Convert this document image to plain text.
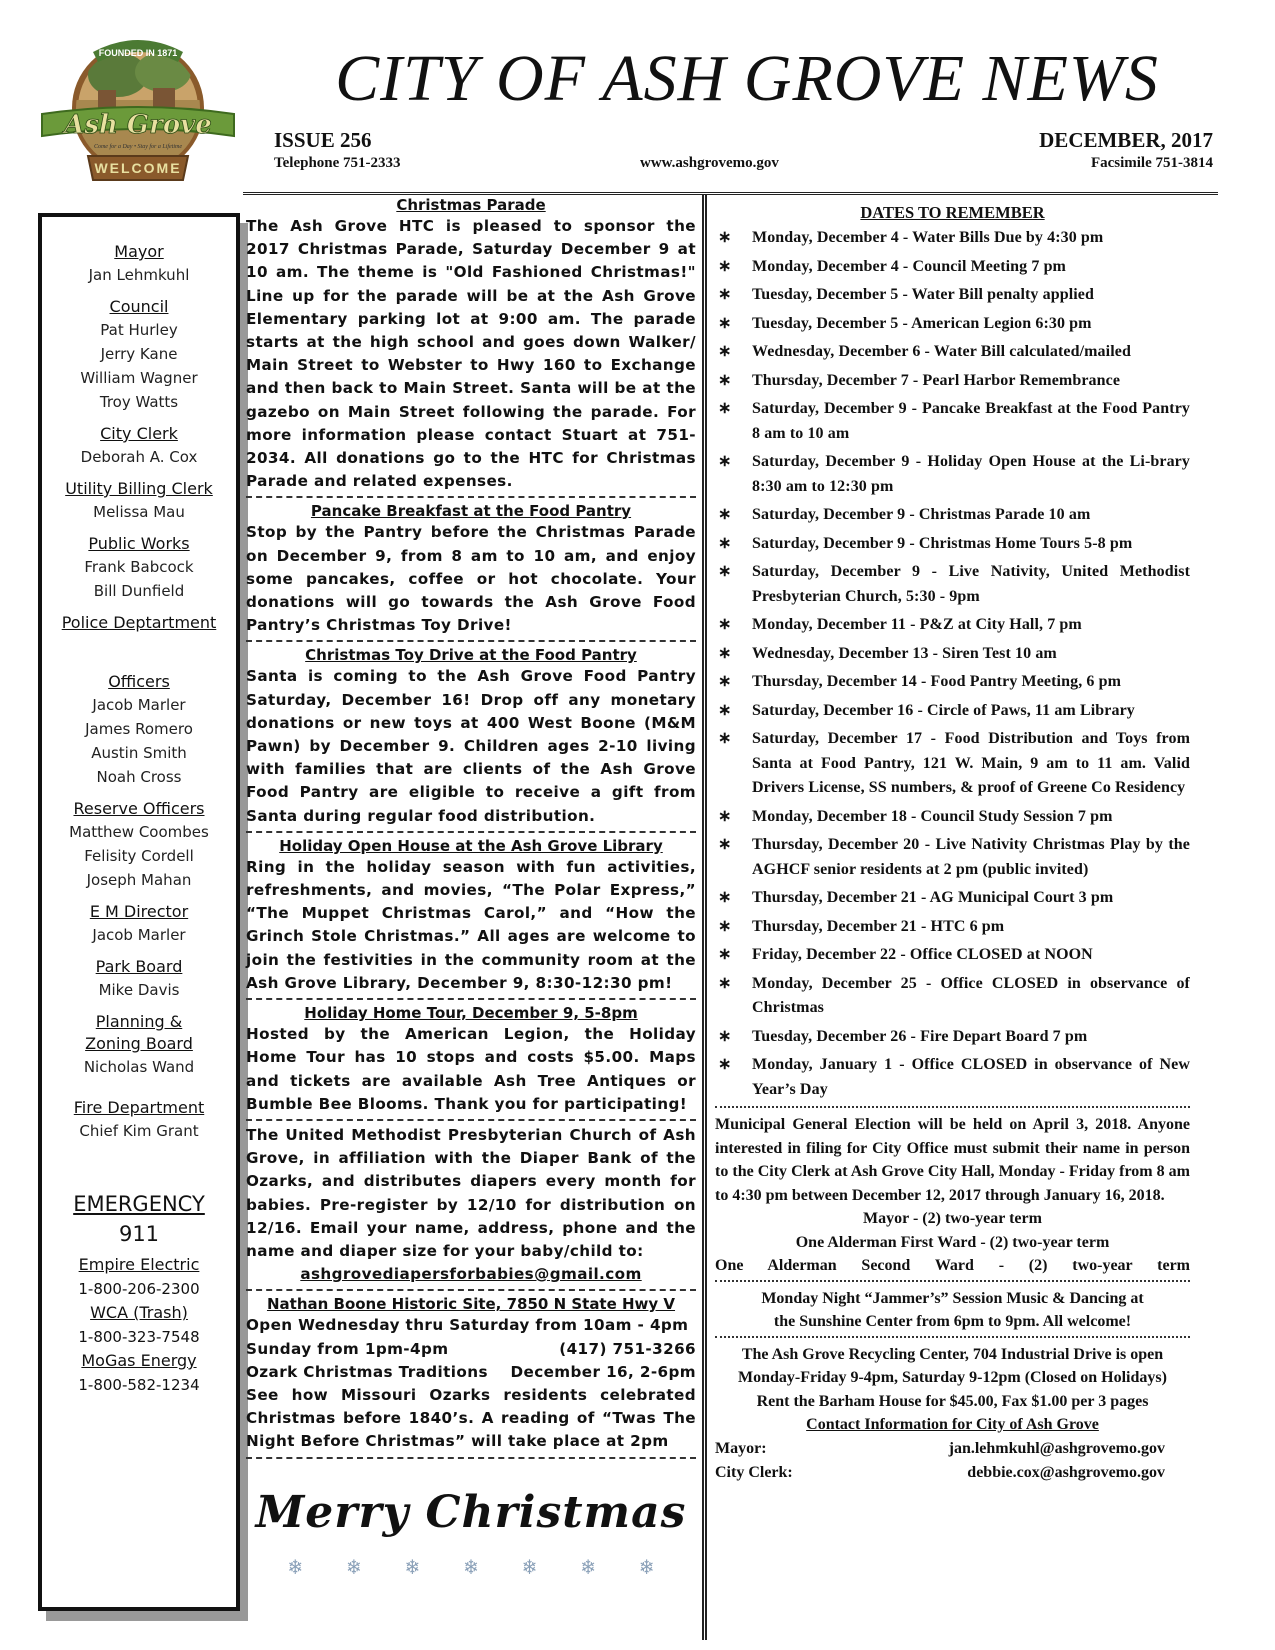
FOUNDED IN 1871
Ash Grove
Come for a Day • Stay for a Lifetime
WELCOME
CITY OF ASH GROVE NEWS
ISSUE 256	DECEMBER, 2017
Telephone 751-2333	www.ashgrovemo.gov	Facsimile 751-3814
Mayor
Jan Lehmkuhl
Council
Pat Hurley
Jerry Kane
William Wagner
Troy Watts
City Clerk
Deborah A. Cox
Utility Billing Clerk
Melissa Mau
Public Works
Frank Babcock
Bill Dunfield
Police Deptartment
Officers
Jacob Marler
James Romero
Austin Smith
Noah Cross
Reserve Officers
Matthew Coombes
Felisity Cordell
Joseph Mahan
E M Director
Jacob Marler
Park Board
Mike Davis
Planning & Zoning Board
Nicholas Wand
Fire Department
Chief Kim Grant
EMERGENCY
911
Empire Electric
1-800-206-2300
WCA (Trash)
1-800-323-7548
MoGas Energy
1-800-582-1234
Christmas Parade
The Ash Grove HTC is pleased to sponsor the 2017 Christmas Parade, Saturday December 9 at 10 am. The theme is "Old Fashioned Christmas!" Line up for the parade will be at the Ash Grove Elementary parking lot at 9:00 am. The parade starts at the high school and goes down Walker/ Main Street to Webster to Hwy 160 to Exchange and then back to Main Street. Santa will be at the gazebo on Main Street following the parade. For more information please contact Stuart at 751-2034. All donations go to the HTC for Christmas Parade and related expenses.
Pancake Breakfast at the Food Pantry
Stop by the Pantry before the Christmas Parade on December 9, from 8 am to 10 am, and enjoy some pancakes, coffee or hot chocolate. Your donations will go towards the Ash Grove Food Pantry’s Christmas Toy Drive!
Christmas Toy Drive at the Food Pantry
Santa is coming to the Ash Grove Food Pantry Saturday, December 16! Drop off any monetary donations or new toys at 400 West Boone (M&M Pawn) by December 9. Children ages 2-10 living with families that are clients of the Ash Grove Food Pantry are eligible to receive a gift from Santa during regular food distribution.
Holiday Open House at the Ash Grove Library
Ring in the holiday season with fun activities, refreshments, and movies, “The Polar Express,” “The Muppet Christmas Carol,” and “How the Grinch Stole Christmas.” All ages are welcome to join the festivities in the community room at the Ash Grove Library, December 9, 8:30-12:30 pm!
Holiday Home Tour, December 9, 5-8pm
Hosted by the American Legion, the Holiday Home Tour has 10 stops and costs $5.00. Maps and tickets are available Ash Tree Antiques or Bumble Bee Blooms. Thank you for participating!
The United Methodist Presbyterian Church of Ash Grove, in affiliation with the Diaper Bank of the Ozarks, and distributes diapers every month for babies. Pre-register by 12/10 for distribution on 12/16. Email your name, address, phone and the name and diaper size for your baby/child to:
ashgrovediapersforbabies@gmail.com
Nathan Boone Historic Site, 7850 N State Hwy V
Open Wednesday thru Saturday from 10am - 4pm
Sunday from 1pm-4pm	(417) 751-3266
Ozark Christmas Traditions December 16, 2-6pm
See how Missouri Ozarks residents celebrated Christmas before 1840’s. A reading of “Twas The Night Before Christmas” will take place at 2pm
Merry Christmas
❄ ❄ ❄ ❄ ❄ ❄ ❄
DATES TO REMEMBER
∗	Monday, December 4 - Water Bills Due by 4:30 pm
∗	Monday, December 4 - Council Meeting 7 pm
∗	Tuesday, December 5 - Water Bill penalty applied
∗	Tuesday, December 5 - American Legion 6:30 pm
∗	Wednesday, December 6 - Water Bill calculated/mailed
∗	Thursday, December 7 - Pearl Harbor Remembrance
∗	Saturday, December 9 - Pancake Breakfast at the Food Pantry 8 am to 10 am
∗	Saturday, December 9 - Holiday Open House at the Li-brary 8:30 am to 12:30 pm
∗	Saturday, December 9 - Christmas Parade 10 am
∗	Saturday, December 9 - Christmas Home Tours 5-8 pm
∗	Saturday, December 9 - Live Nativity, United Methodist Presbyterian Church, 5:30 - 9pm
∗	Monday, December 11 - P&Z at City Hall, 7 pm
∗	Wednesday, December 13 - Siren Test 10 am
∗	Thursday, December 14 - Food Pantry Meeting, 6 pm
∗	Saturday, December 16 - Circle of Paws, 11 am Library
∗	Saturday, December 17 - Food Distribution and Toys from Santa at Food Pantry, 121 W. Main, 9 am to 11 am. Valid Drivers License, SS numbers, & proof of Greene Co Residency
∗	Monday, December 18 - Council Study Session 7 pm
∗	Thursday, December 20 - Live Nativity Christmas Play by the AGHCF senior residents at 2 pm (public invited)
∗	Thursday, December 21 - AG Municipal Court 3 pm
∗	Thursday, December 21 - HTC 6 pm
∗	Friday, December 22 - Office CLOSED at NOON
∗	Monday, December 25 - Office CLOSED in observance of Christmas
∗	Tuesday, December 26 - Fire Depart Board 7 pm
∗	Monday, January 1 - Office CLOSED in observance of New Year’s Day
Municipal General Election will be held on April 3, 2018. Anyone interested in filing for City Office must submit their name in person to the City Clerk at Ash Grove City Hall, Monday - Friday from 8 am to 4:30 pm between December 12, 2017 through January 16, 2018.
Mayor - (2) two-year term
One Alderman First Ward - (2) two-year term
One Alderman Second Ward - (2) two-year term
Monday Night “Jammer’s” Session Music & Dancing at
the Sunshine Center from 6pm to 9pm. All welcome!
The Ash Grove Recycling Center, 704 Industrial Drive is open
Monday-Friday 9-4pm, Saturday 9-12pm (Closed on Holidays)
Rent the Barham House for $45.00, Fax $1.00 per 3 pages
Contact Information for City of Ash Grove
Mayor:	jan.lehmkuhl@ashgrovemo.gov
City Clerk:	debbie.cox@ashgrovemo.gov
